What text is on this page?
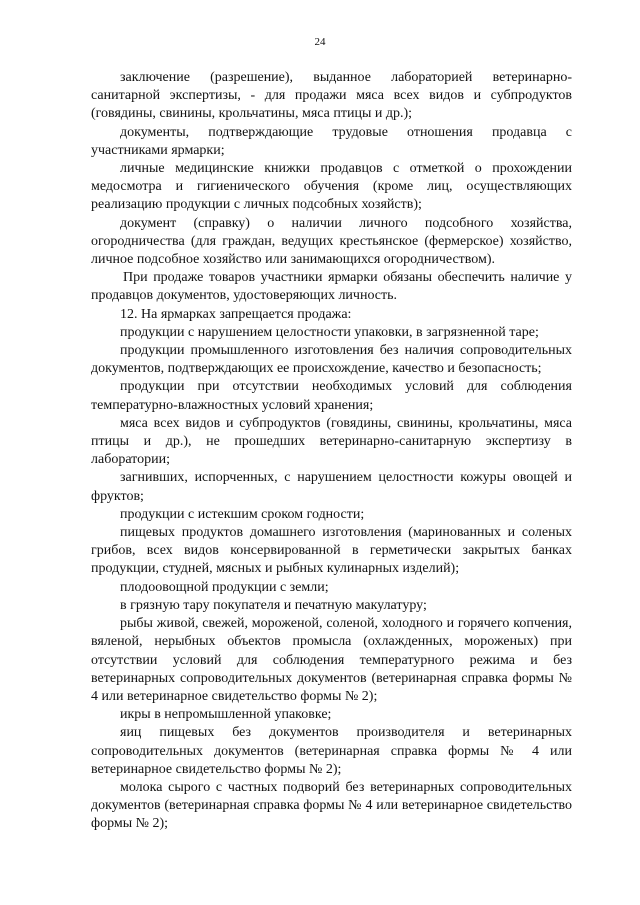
24

заключение (разрешение), выданное лабораторией ветеринарно-санитарной экспертизы, - для продажи мяса всех видов и субпродуктов (говядины, свинины, крольчатины, мяса птицы и др.);

документы, подтверждающие трудовые отношения продавца с участниками ярмарки;

личные медицинские книжки продавцов с отметкой о прохождении медосмотра и гигиенического обучения (кроме лиц, осуществляющих реализацию продукции с личных подсобных хозяйств);

документ (справку) о наличии личного подсобного хозяйства, огородничества (для граждан, ведущих крестьянское (фермерское) хозяйство, личное подсобное хозяйство или занимающихся огородничеством).

При продаже товаров участники ярмарки обязаны обеспечить наличие у продавцов документов, удостоверяющих личность.

12. На ярмарках запрещается продажа:

продукции с нарушением целостности упаковки, в загрязненной таре;

продукции промышленного изготовления без наличия сопроводительных документов, подтверждающих ее происхождение, качество и безопасность;

продукции при отсутствии необходимых условий для соблюдения температурно-влажностных условий хранения;

мяса всех видов и субпродуктов (говядины, свинины, крольчатины, мяса птицы и др.), не прошедших ветеринарно-санитарную экспертизу в лаборатории;

загнивших, испорченных, с нарушением целостности кожуры овощей и фруктов;

продукции с истекшим сроком годности;

пищевых продуктов домашнего изготовления (маринованных и соленых грибов, всех видов консервированной в герметически закрытых банках продукции, студней, мясных и рыбных кулинарных изделий);

плодоовощной продукции с земли;

в грязную тару покупателя и печатную макулатуру;

рыбы живой, свежей, мороженой, соленой, холодного и горячего копчения, вяленой, нерыбных объектов промысла (охлажденных, мороженых) при отсутствии условий для соблюдения температурного режима и без ветеринарных сопроводительных документов (ветеринарная справка формы № 4 или ветеринарное свидетельство формы № 2);

икры в непромышленной упаковке;

яиц пищевых без документов производителя и ветеринарных сопроводительных документов (ветеринарная справка формы № 4 или ветеринарное свидетельство формы № 2);

молока сырого с частных подворий без ветеринарных сопроводительных документов (ветеринарная справка формы № 4 или ветеринарное свидетельство формы № 2);
